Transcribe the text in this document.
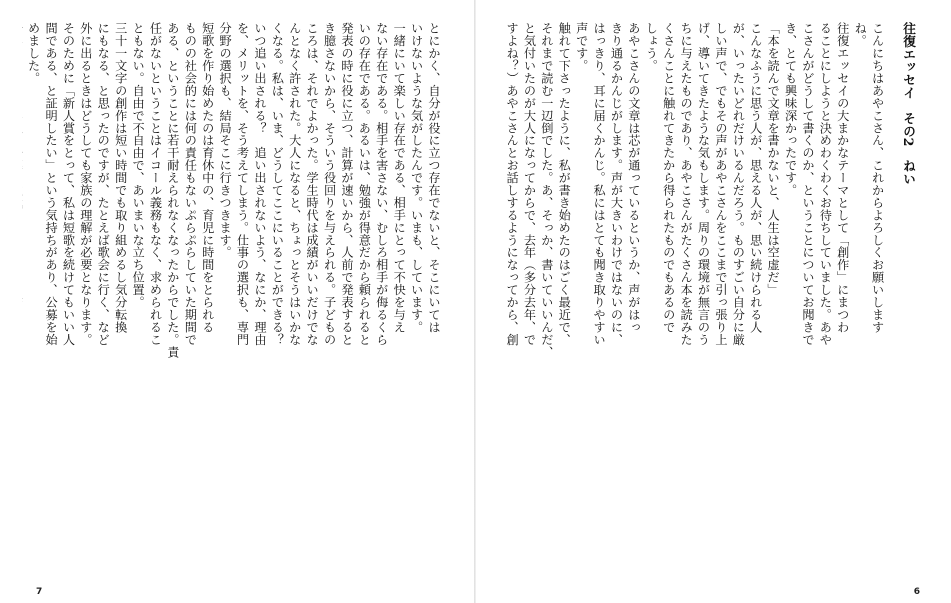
とにかく、自分が役に立つ存在でないと、そこにいては
いけないような気がしたんです。いまも、しています。
一緒にいて楽しい存在である、相手にとって不快を与え
ない存在である。相手を害さない、むしろ相手が侮るくら
いの存在である。あるいは、勉強が得意だから頼られると
発表の時に役に立つ、計算が速いから、人前で発表すると
き臆さないから、そういう役回りを与えられる。子どもの
ころは、それでよかった。学生時代は成績がいいだけでな
んとなく許された。大人になると、ちょっとそうはいかな
くなる。私は、いま、どうしてここにいることができる？
いつ追い出される？　追い出されないよう、なにか、理由
を、メリットを、そう考えてしまう。仕事の選択も、専門
分野の選択も、結局そこに行きつきます。
短歌を作り始めたのは育休中の、育児に時間をとられる
ものの社会的には何の責任もないぷらぷらしていた期間で
ある、ということに若干耐えられなくなったからでした。責
任がないということはイコール義務もなく、求められるこ
ともない。自由で不自由で、あいまいな立ち位置。
三十一文字の創作は短い時間でも取り組めるし気分転換
にもなる、と思ったのですが、たとえば歌会に行く、など
外に出るときはどうしても家族の理解が必要となります。
そのために「新人賞をとって、私は短歌を続けてもいい人
間である、と証明したい」という気持ちがあり、公募を始
めました。

7

往復エッセイ　その2　ねい

こんにちはあやこさん、これからよろしくお願いします
ね。
往復エッセイの大まかなテーマとして「創作」にまつわ
ることにしようと決めわくわくお待ちしていました。あや
こさんがどうして書くのか、ということについてお聞きで
き、とても興味深かったです。
「本を読んで文章を書かないと、人生は空虚だ」
こんなふうに思う人が、思える人が、思い続けられる人
が、いったいどれだけいるんだろう。ものすごい自分に厳
しい声で、でもその声があやこさんをここまで引っ張り上
げ、導いてきたような気もします。周りの環境が無言のう
ちに与えたものであり、あやこさんがたくさん本を読みた
くさんことに触れてきたから得られたものでもあるので
しょう。
あやこさんの文章は芯が通っているというか、声がはっ
きり通るかんじがします。声が大きいわけではないのに、
はっきり、耳に届くかんじ。私にはとても聞き取りやすい
声です。
触れて下さったように、私が書き始めたのはごく最近で、
それまで読む一辺倒でした。あ、そっか、書いていいんだ、
と気付いたのが大人になってからで、去年（多分去年、で
すよね？）あやこさんとお話しするようになってから、創

6
